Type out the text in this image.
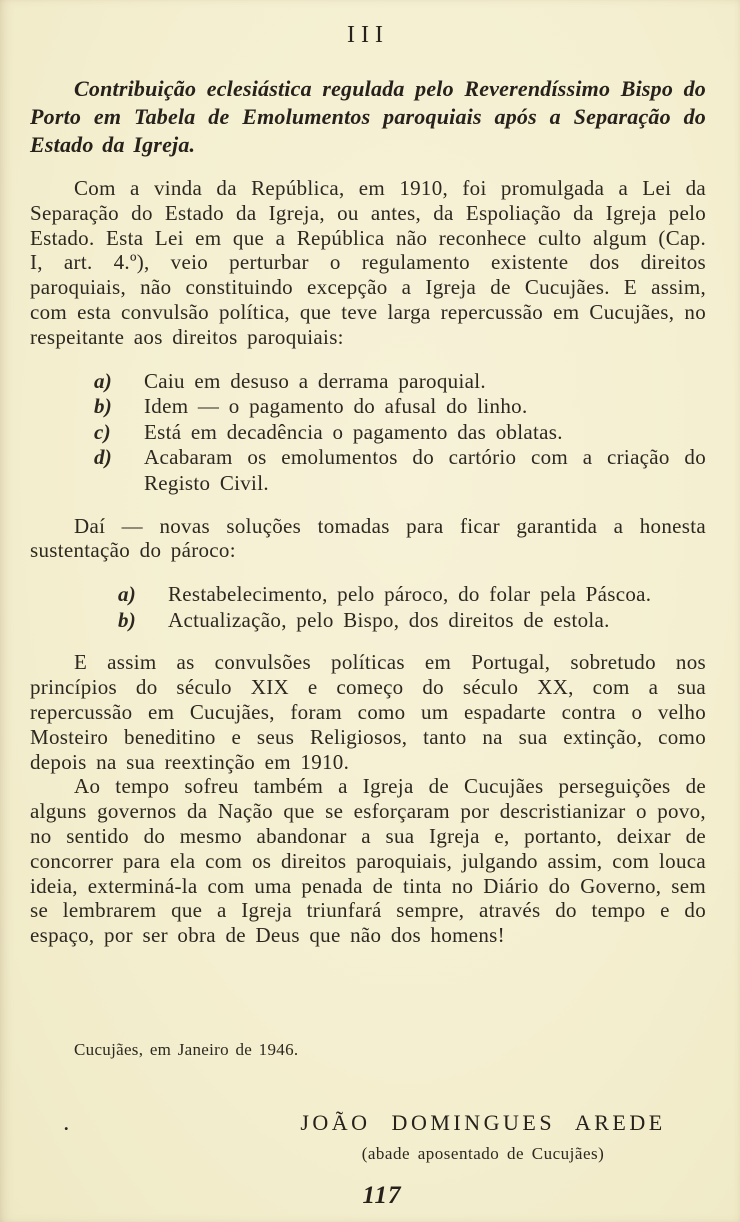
III

Contribuição eclesiástica regulada pelo Reverendíssimo Bispo do Porto em Tabela de Emolumentos paroquiais após a Separação do Estado da Igreja.

Com a vinda da República, em 1910, foi promulgada a Lei da Separação do Estado da Igreja, ou antes, da Espoliação da Igreja pelo Estado. Esta Lei em que a República não reconhece culto algum (Cap. I, art. 4.º), veio perturbar o regulamento existente dos direitos paroquiais, não constituindo excepção a Igreja de Cucujães. E assim, com esta convulsão política, que teve larga repercussão em Cucujães, no respeitante aos direitos paroquiais:

a)	Caiu em desuso a derrama paroquial.
b)	Idem — o pagamento do afusal do linho.
c)	Está em decadência o pagamento das oblatas.
d)	Acabaram os emolumentos do cartório com a criação do Registo Civil.

Daí — novas soluções tomadas para ficar garantida a honesta sustentação do pároco:

a)	Restabelecimento, pelo pároco, do folar pela Páscoa.
b)	Actualização, pelo Bispo, dos direitos de estola.

E assim as convulsões políticas em Portugal, sobretudo nos princípios do século XIX e começo do século XX, com a sua repercussão em Cucujães, foram como um espadarte contra o velho Mosteiro beneditino e seus Religiosos, tanto na sua extinção, como depois na sua reextinção em 1910.

Ao tempo sofreu também a Igreja de Cucujães perseguições de alguns governos da Nação que se esforçaram por descristianizar o povo, no sentido do mesmo abandonar a sua Igreja e, portanto, deixar de concorrer para ela com os direitos paroquiais, julgando assim, com louca ideia, exterminá-la com uma penada de tinta no Diário do Governo, sem se lembrarem que a Igreja triunfará sempre, através do tempo e do espaço, por ser obra de Deus que não dos homens!

Cucujães, em Janeiro de 1946.

.	JOÃO DOMINGUES AREDE
(abade aposentado de Cucujães)
117
